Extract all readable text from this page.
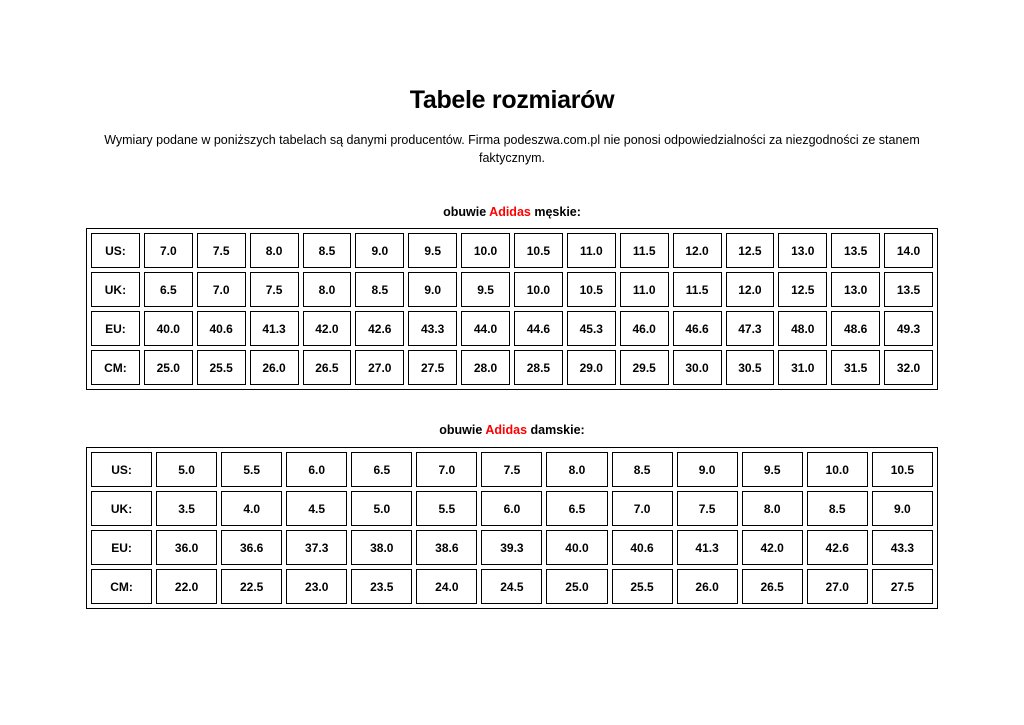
Tabele rozmiarów
Wymiary podane w poniższych tabelach są danymi producentów. Firma podeszwa.com.pl nie ponosi odpowiedzialności za niezgodności ze stanem faktycznym.
obuwie Adidas męskie:
US:	7.0	7.5	8.0	8.5	9.0	9.5	10.0	10.5	11.0	11.5	12.0	12.5	13.0	13.5	14.0
UK:	6.5	7.0	7.5	8.0	8.5	9.0	9.5	10.0	10.5	11.0	11.5	12.0	12.5	13.0	13.5
EU:	40.0	40.6	41.3	42.0	42.6	43.3	44.0	44.6	45.3	46.0	46.6	47.3	48.0	48.6	49.3
CM:	25.0	25.5	26.0	26.5	27.0	27.5	28.0	28.5	29.0	29.5	30.0	30.5	31.0	31.5	32.0
obuwie Adidas damskie:
US:	5.0	5.5	6.0	6.5	7.0	7.5	8.0	8.5	9.0	9.5	10.0	10.5
UK:	3.5	4.0	4.5	5.0	5.5	6.0	6.5	7.0	7.5	8.0	8.5	9.0
EU:	36.0	36.6	37.3	38.0	38.6	39.3	40.0	40.6	41.3	42.0	42.6	43.3
CM:	22.0	22.5	23.0	23.5	24.0	24.5	25.0	25.5	26.0	26.5	27.0	27.5
